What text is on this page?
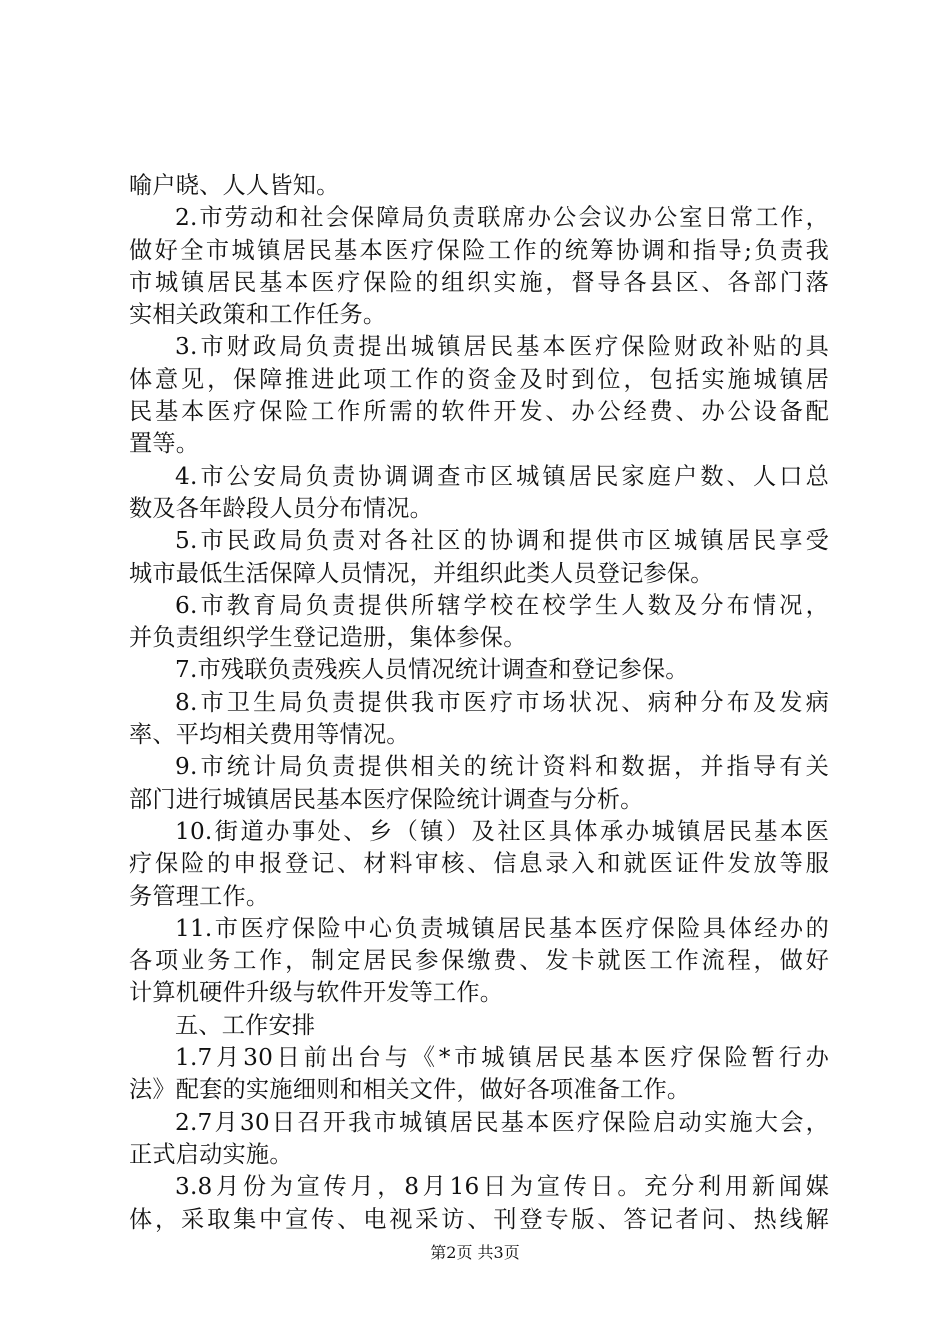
喻户晓、人人皆知。
2.市劳动和社会保障局负责联席办公会议办公室日常工作，
做好全市城镇居民基本医疗保险工作的统筹协调和指导;负责我
市城镇居民基本医疗保险的组织实施，督导各县区、各部门落
实相关政策和工作任务。
3.市财政局负责提出城镇居民基本医疗保险财政补贴的具
体意见，保障推进此项工作的资金及时到位，包括实施城镇居
民基本医疗保险工作所需的软件开发、办公经费、办公设备配
置等。
4.市公安局负责协调调查市区城镇居民家庭户数、人口总
数及各年龄段人员分布情况。
5.市民政局负责对各社区的协调和提供市区城镇居民享受
城市最低生活保障人员情况，并组织此类人员登记参保。
6.市教育局负责提供所辖学校在校学生人数及分布情况，
并负责组织学生登记造册，集体参保。
7.市残联负责残疾人员情况统计调查和登记参保。
8.市卫生局负责提供我市医疗市场状况、病种分布及发病
率、平均相关费用等情况。
9.市统计局负责提供相关的统计资料和数据，并指导有关
部门进行城镇居民基本医疗保险统计调查与分析。
10.街道办事处、乡（镇）及社区具体承办城镇居民基本医
疗保险的申报登记、材料审核、信息录入和就医证件发放等服
务管理工作。
11.市医疗保险中心负责城镇居民基本医疗保险具体经办的
各项业务工作，制定居民参保缴费、发卡就医工作流程，做好
计算机硬件升级与软件开发等工作。
五、工作安排
1.7月30日前出台与《*市城镇居民基本医疗保险暂行办
法》配套的实施细则和相关文件，做好各项准备工作。
2.7月30日召开我市城镇居民基本医疗保险启动实施大会，
正式启动实施。
3.8月份为宣传月，8月16日为宣传日。充分利用新闻媒
体，采取集中宣传、电视采访、刊登专版、答记者问、热线解
第2页 共3页
